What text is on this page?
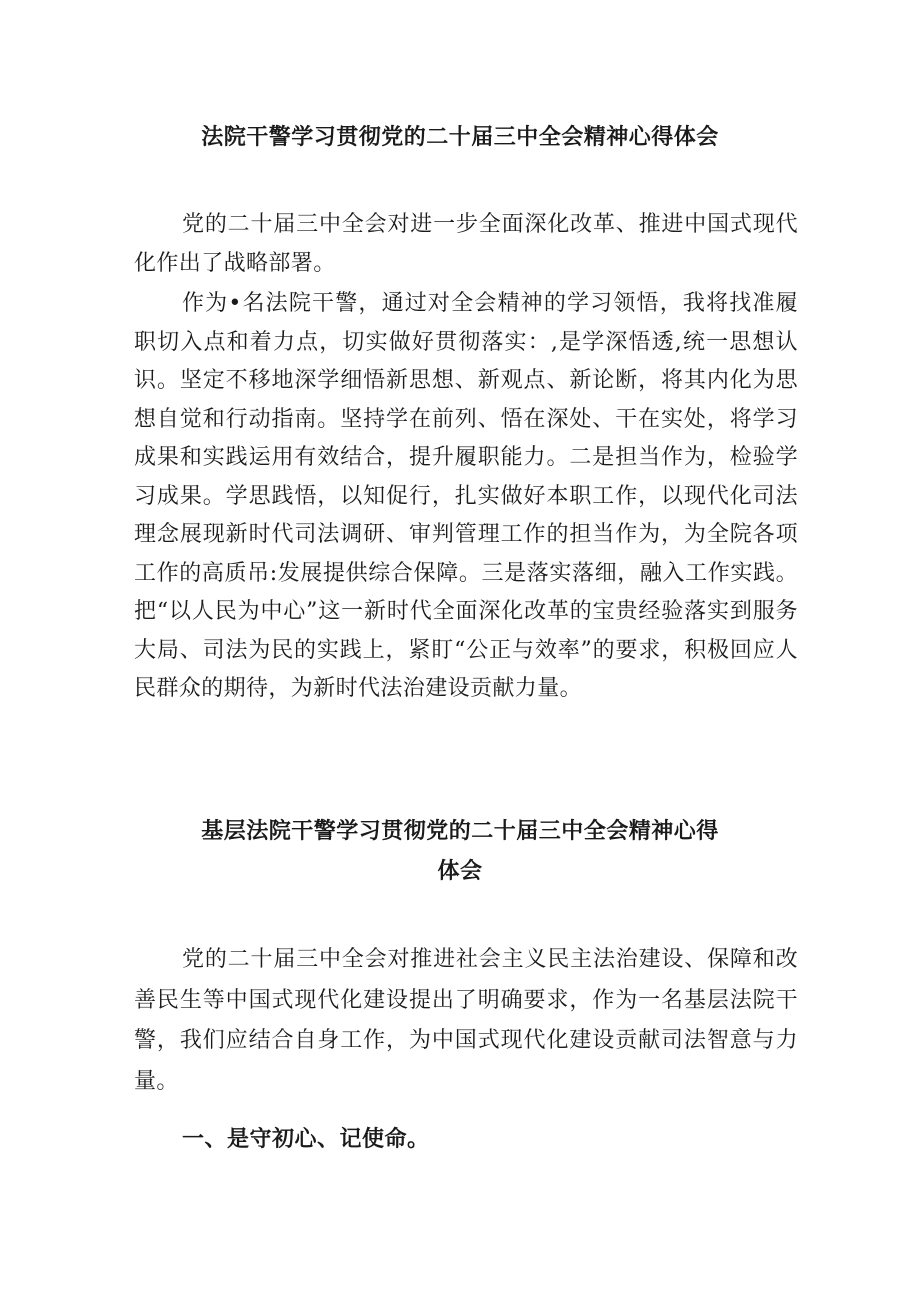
法院干警学习贯彻党的二十届三中全会精神心得体会

党的二十届三中全会对进一步全面深化改革、推进中国式现代化作出了战略部署。

作为•名法院干警，通过对全会精神的学习领悟，我将找准履职切入点和着力点，切实做好贯彻落实：,是学深悟透,统一思想认识。坚定不移地深学细悟新思想、新观点、新论断，将其内化为思想自觉和行动指南。坚持学在前列、悟在深处、干在实处，将学习成果和实践运用有效结合，提升履职能力。二是担当作为，检验学习成果。学思践悟，以知促行，扎实做好本职工作，以现代化司法理念展现新时代司法调研、审判管理工作的担当作为，为全院各项工作的高质吊:发展提供综合保障。三是落实落细，融入工作实践。把“以人民为中心”这一新时代全面深化改革的宝贵经验落实到服务大局、司法为民的实践上，紧盯“公正与效率”的要求，积极回应人民群众的期待，为新时代法治建设贡献力量。

基层法院干警学习贯彻党的二十届三中全会精神心得
体会

党的二十届三中全会对推进社会主义民主法治建设、保障和改善民生等中国式现代化建设提出了明确要求，作为一名基层法院干警，我们应结合自身工作，为中国式现代化建设贡献司法智意与力量。

一、是守初心、记使命。
